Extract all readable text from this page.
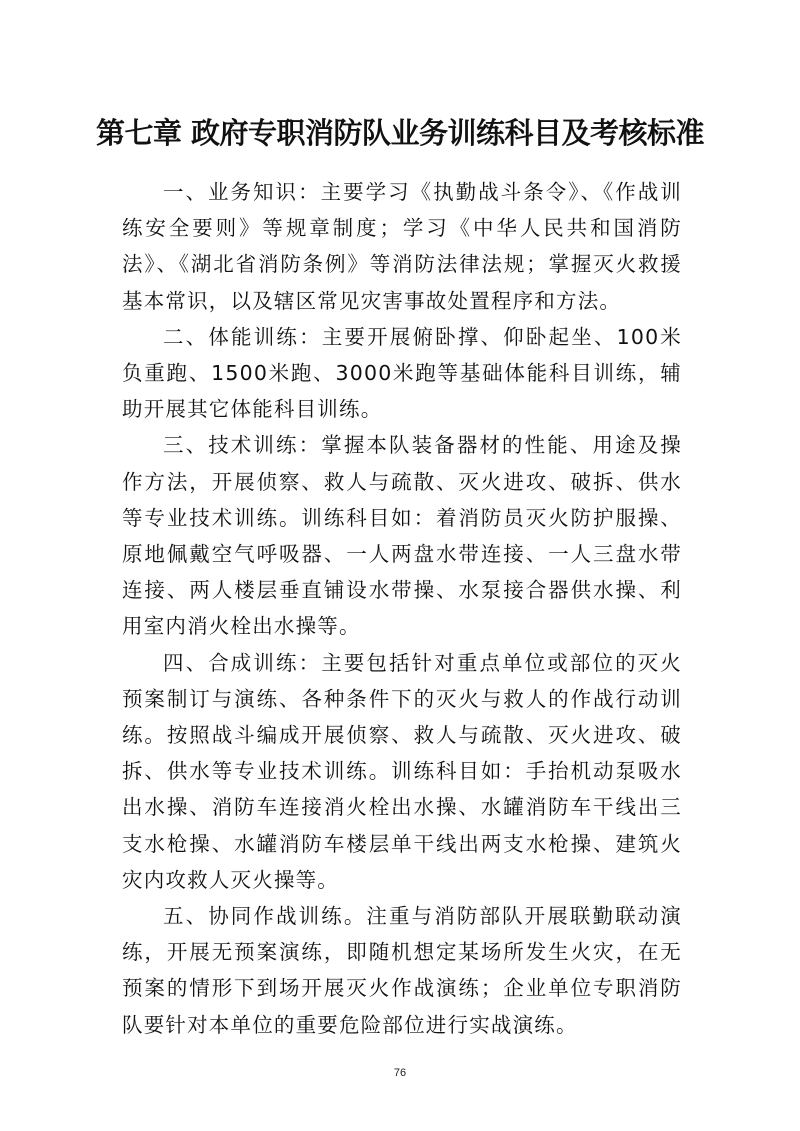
第七章 政府专职消防队业务训练科目及考核标准

一、业务知识：主要学习《执勤战斗条令》、《作战训练安全要则》等规章制度；学习《中华人民共和国消防法》、《湖北省消防条例》等消防法律法规；掌握灭火救援基本常识，以及辖区常见灾害事故处置程序和方法。

二、体能训练：主要开展俯卧撑、仰卧起坐、100米负重跑、1500米跑、3000米跑等基础体能科目训练，辅助开展其它体能科目训练。

三、技术训练：掌握本队装备器材的性能、用途及操作方法，开展侦察、救人与疏散、灭火进攻、破拆、供水等专业技术训练。训练科目如：着消防员灭火防护服操、原地佩戴空气呼吸器、一人两盘水带连接、一人三盘水带连接、两人楼层垂直铺设水带操、水泵接合器供水操、利用室内消火栓出水操等。

四、合成训练：主要包括针对重点单位或部位的灭火预案制订与演练、各种条件下的灭火与救人的作战行动训练。按照战斗编成开展侦察、救人与疏散、灭火进攻、破拆、供水等专业技术训练。训练科目如：手抬机动泵吸水出水操、消防车连接消火栓出水操、水罐消防车干线出三支水枪操、水罐消防车楼层单干线出两支水枪操、建筑火灾内攻救人灭火操等。

五、协同作战训练。注重与消防部队开展联勤联动演练，开展无预案演练，即随机想定某场所发生火灾，在无预案的情形下到场开展灭火作战演练；企业单位专职消防队要针对本单位的重要危险部位进行实战演练。

76
